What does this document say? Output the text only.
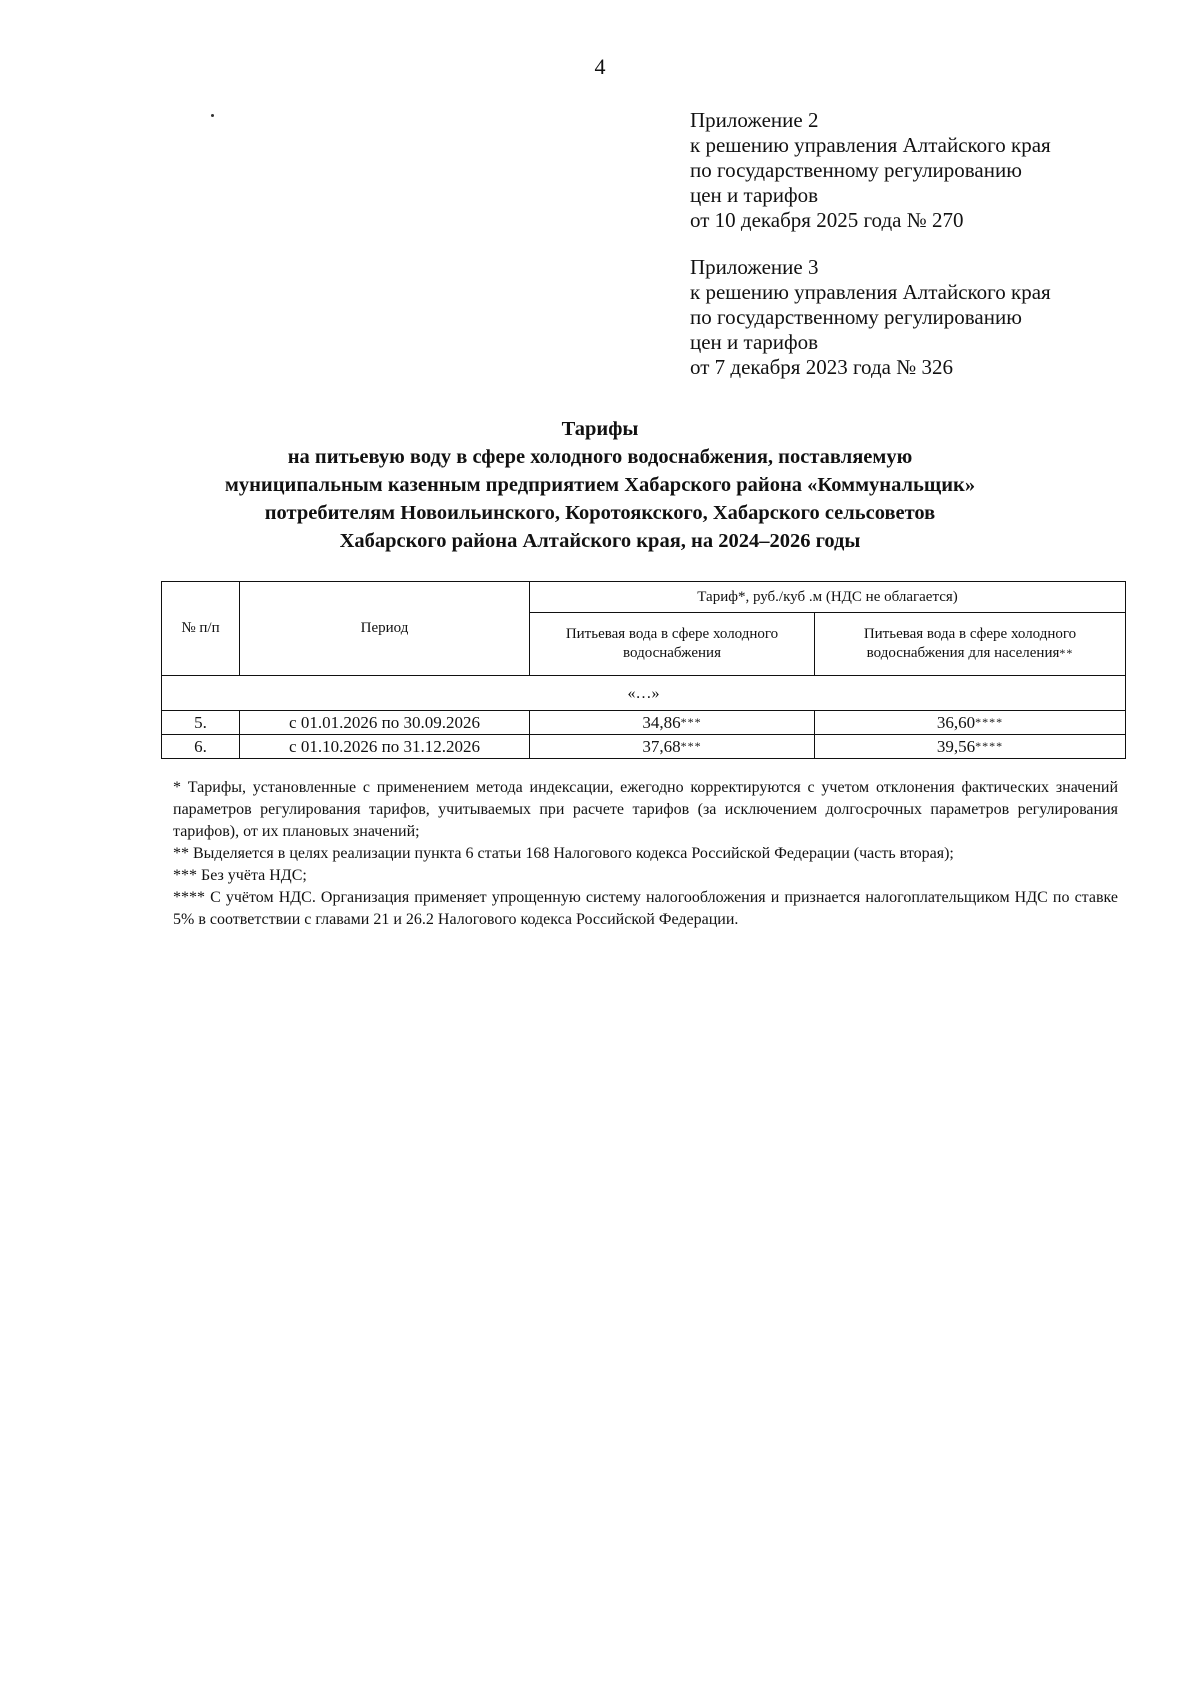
4
Приложение 2
к решению управления Алтайского края
по государственному регулированию
цен и тарифов
от 10 декабря 2025 года № 270
Приложение 3
к решению управления Алтайского края
по государственному регулированию
цен и тарифов
от 7 декабря 2023 года № 326
Тарифы
на питьевую воду в сфере холодного водоснабжения, поставляемую
муниципальным казенным предприятием Хабарского района «Коммунальщик»
потребителям Новоильинского, Коротоякского, Хабарского сельсоветов
Хабарского района Алтайского края, на 2024–2026 годы
№ п/п	Период	Тариф*, руб./куб .м (НДС не облагается)	
		Питьевая вода в сфере холодного водоснабжения	Питьевая вода в сфере холодного водоснабжения для населения**
«…»			
5.	с 01.01.2026 по 30.09.2026	34,86***	36,60****
6.	с 01.10.2026 по 31.12.2026	37,68***	39,56****

* Тарифы, установленные с применением метода индексации, ежегодно корректируются с учетом отклонения фактических значений параметров регулирования тарифов, учитываемых при расчете тарифов (за исключением долгосрочных параметров регулирования тарифов), от их плановых значений;

** Выделяется в целях реализации пункта 6 статьи 168 Налогового кодекса Российской Федерации (часть вторая);

*** Без учёта НДС;

**** С учётом НДС. Организация применяет упрощенную систему налогообложения и признается налогоплательщиком НДС по ставке 5% в соответствии с главами 21 и 26.2 Налогового кодекса Российской Федерации.
